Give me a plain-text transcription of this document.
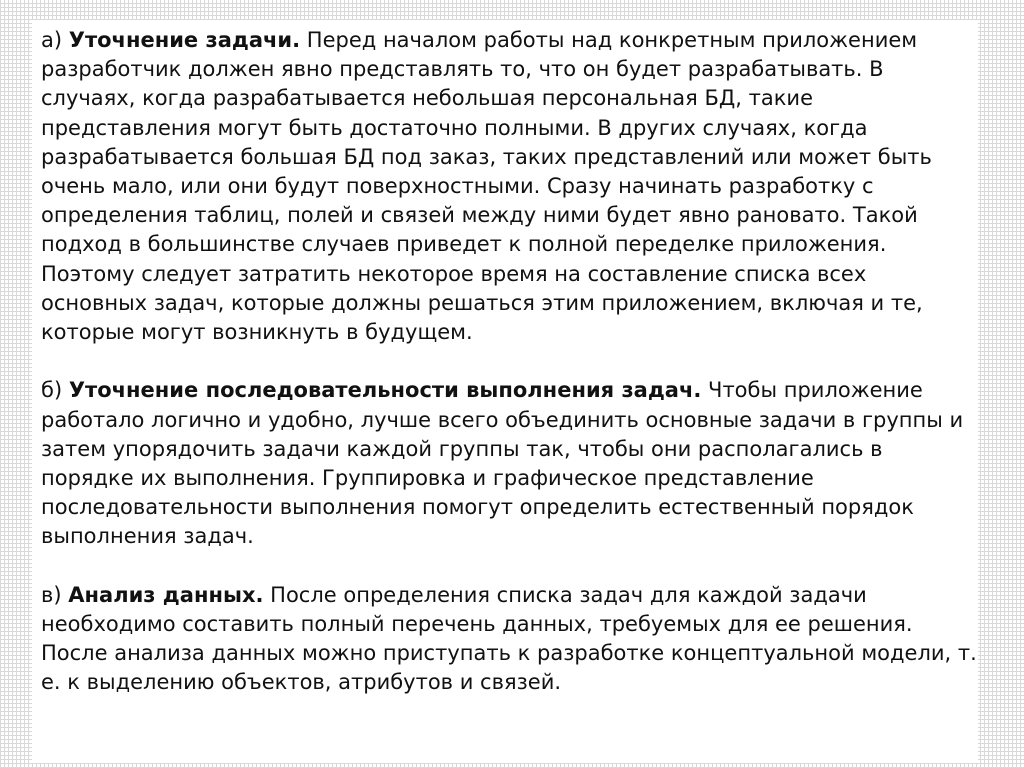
а) Уточнение задачи. Перед началом работы над конкретным приложением разработчик должен явно представлять то, что он будет разрабатывать. В случаях, когда разрабатывается небольшая персональная БД, такие представления могут быть достаточно полными. В других случаях, когда разрабатывается большая БД под заказ, таких представлений или может быть очень мало, или они будут поверхностными. Сразу начинать разработку с определения таблиц, полей и связей между ними будет явно рановато. Такой подход в большинстве случаев приведет к полной переделке приложения. Поэтому следует затратить некоторое время на составление списка всех основных задач, которые должны решаться этим приложением, включая и те, которые могут возникнуть в будущем.

б) Уточнение последовательности выполнения задач. Чтобы приложение работало логично и удобно, лучше всего объединить основные задачи в группы и затем упорядочить задачи каждой группы так, чтобы они располагались в порядке их выполнения. Группировка и графическое представление последовательности выполнения помогут определить естественный порядок выполнения задач.

в) Анализ данных. После определения списка задач для каждой задачи необходимо составить полный перечень данных, требуемых для ее решения. После анализа данных можно приступать к разработке концептуальной модели, т. е. к выделению объектов, атрибутов и связей.
